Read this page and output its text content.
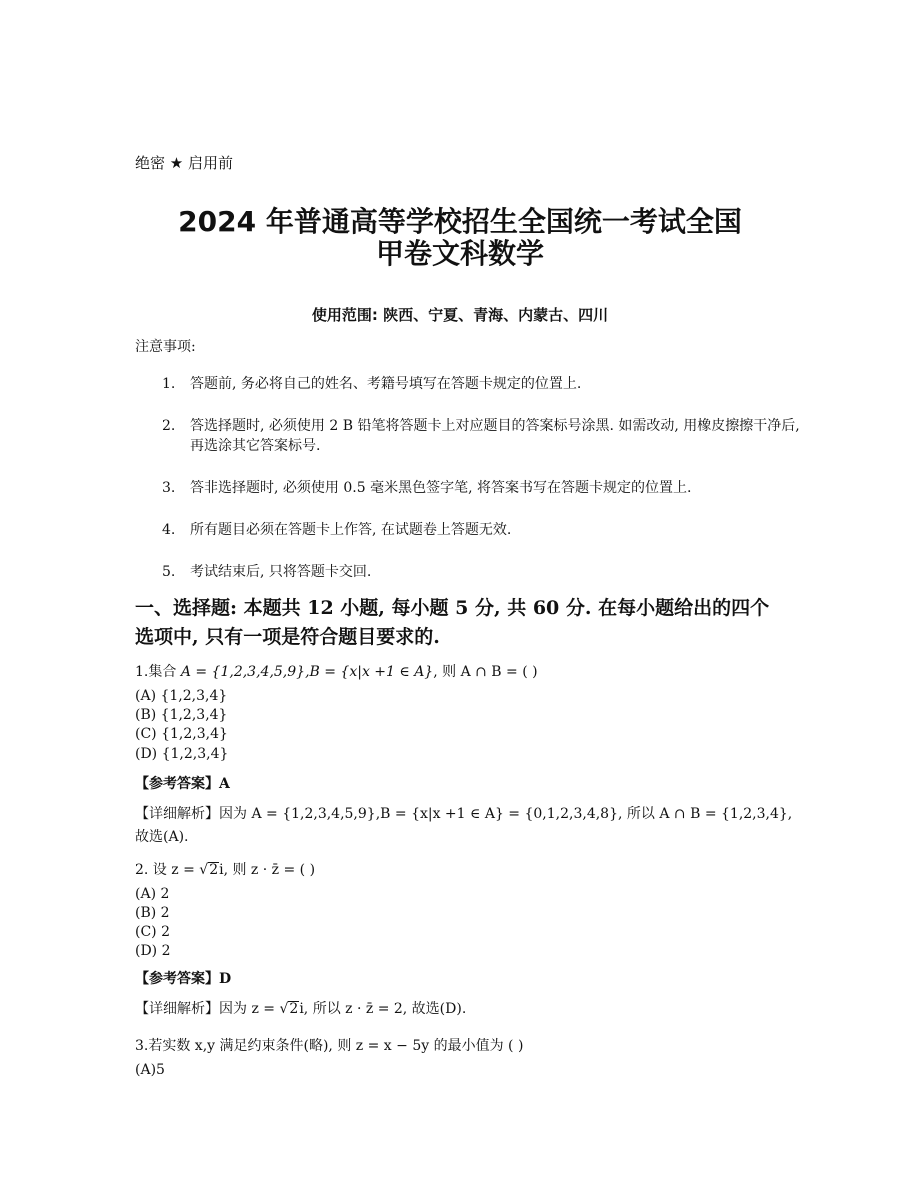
绝密 ★ 启用前
2024 年普通高等学校招生全国统一考试全国
甲卷文科数学
使用范围: 陕西、宁夏、青海、内蒙古、四川
注意事项:
1. 答题前, 务必将自己的姓名、考籍号填写在答题卡规定的位置上.
2. 答选择题时, 必须使用 2 B 铅笔将答题卡上对应题目的答案标号涂黑. 如需改动, 用橡皮擦擦干净后, 再选涂其它答案标号.
3. 答非选择题时, 必须使用 0.5 毫米黑色签字笔, 将答案书写在答题卡规定的位置上.
4. 所有题目必须在答题卡上作答, 在试题卷上答题无效.
5. 考试结束后, 只将答题卡交回.
一、选择题: 本题共 12 小题, 每小题 5 分, 共 60 分. 在每小题给出的四个选项中, 只有一项是符合题目要求的.
1.集合 A = {1,2,3,4,5,9},B = {x|x +1 ∈ A}, 则 A ∩ B = ( )
(A) {1,2,3,4}
(B) {1,2,3,4}
(C) {1,2,3,4}
(D) {1,2,3,4}
【参考答案】A
【详细解析】因为 A = {1,2,3,4,5,9},B = {x|x +1 ∈ A} = {0,1,2,3,4,8}, 所以 A ∩ B = {1,2,3,4},
故选(A).
2. 设 z = √2i, 则 z · z̄ = ( )
(A) 2
(B) 2
(C) 2
(D) 2
【参考答案】D
【详细解析】因为 z = √2i, 所以 z · z̄ = 2, 故选(D).
3.若实数 x,y 满足约束条件(略), 则 z = x − 5y 的最小值为 ( )
(A)5
